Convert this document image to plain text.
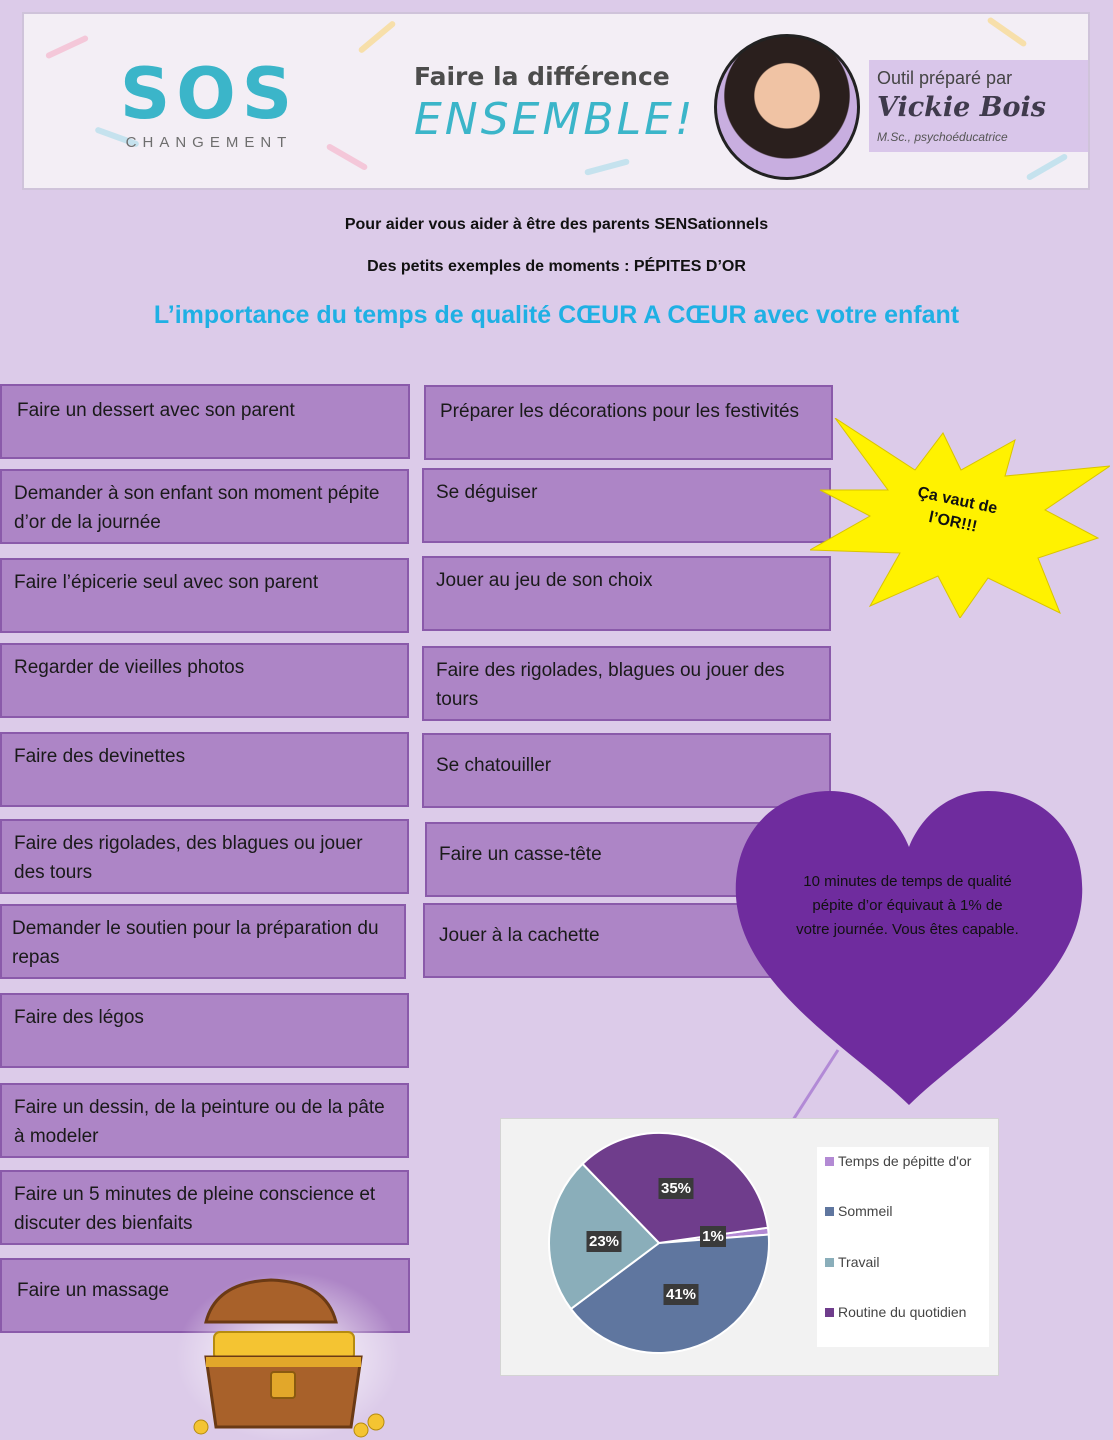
SOS
CHANGEMENT
Faire la différence
ENSEMBLE!
Outil préparé par
Vickie Bois
M.Sc., psychoéducatrice
Pour aider vous aider à être des parents SENSationnels
Des petits exemples de moments : PÉPITES D’OR
L’importance du temps de qualité CŒUR A CŒUR avec votre enfant
Faire un dessert avec son parent
Demander à son enfant son moment pépite d’or de la journée
Faire l’épicerie seul avec son parent
Regarder de vieilles photos
Faire des devinettes
Faire des rigolades, des blagues ou jouer des tours
Demander le soutien pour la préparation du repas
Faire des légos
Faire un dessin, de la peinture ou de la pâte à modeler
Faire un 5 minutes de pleine conscience et discuter des bienfaits
Faire un massage
Préparer les décorations pour les festivités
Se déguiser
Jouer au jeu de son choix
Faire des rigolades, blagues ou jouer des tours
Se chatouiller
Faire un casse-tête
Jouer à la cachette
Ça vaut de l’OR!!!
10 minutes de temps de qualité pépite d’or équivaut à 1% de votre journée. Vous êtes capable.
1%
41%
23%
35%
Temps de pépitte d'or
Sommeil
Travail
Routine du quotidien
